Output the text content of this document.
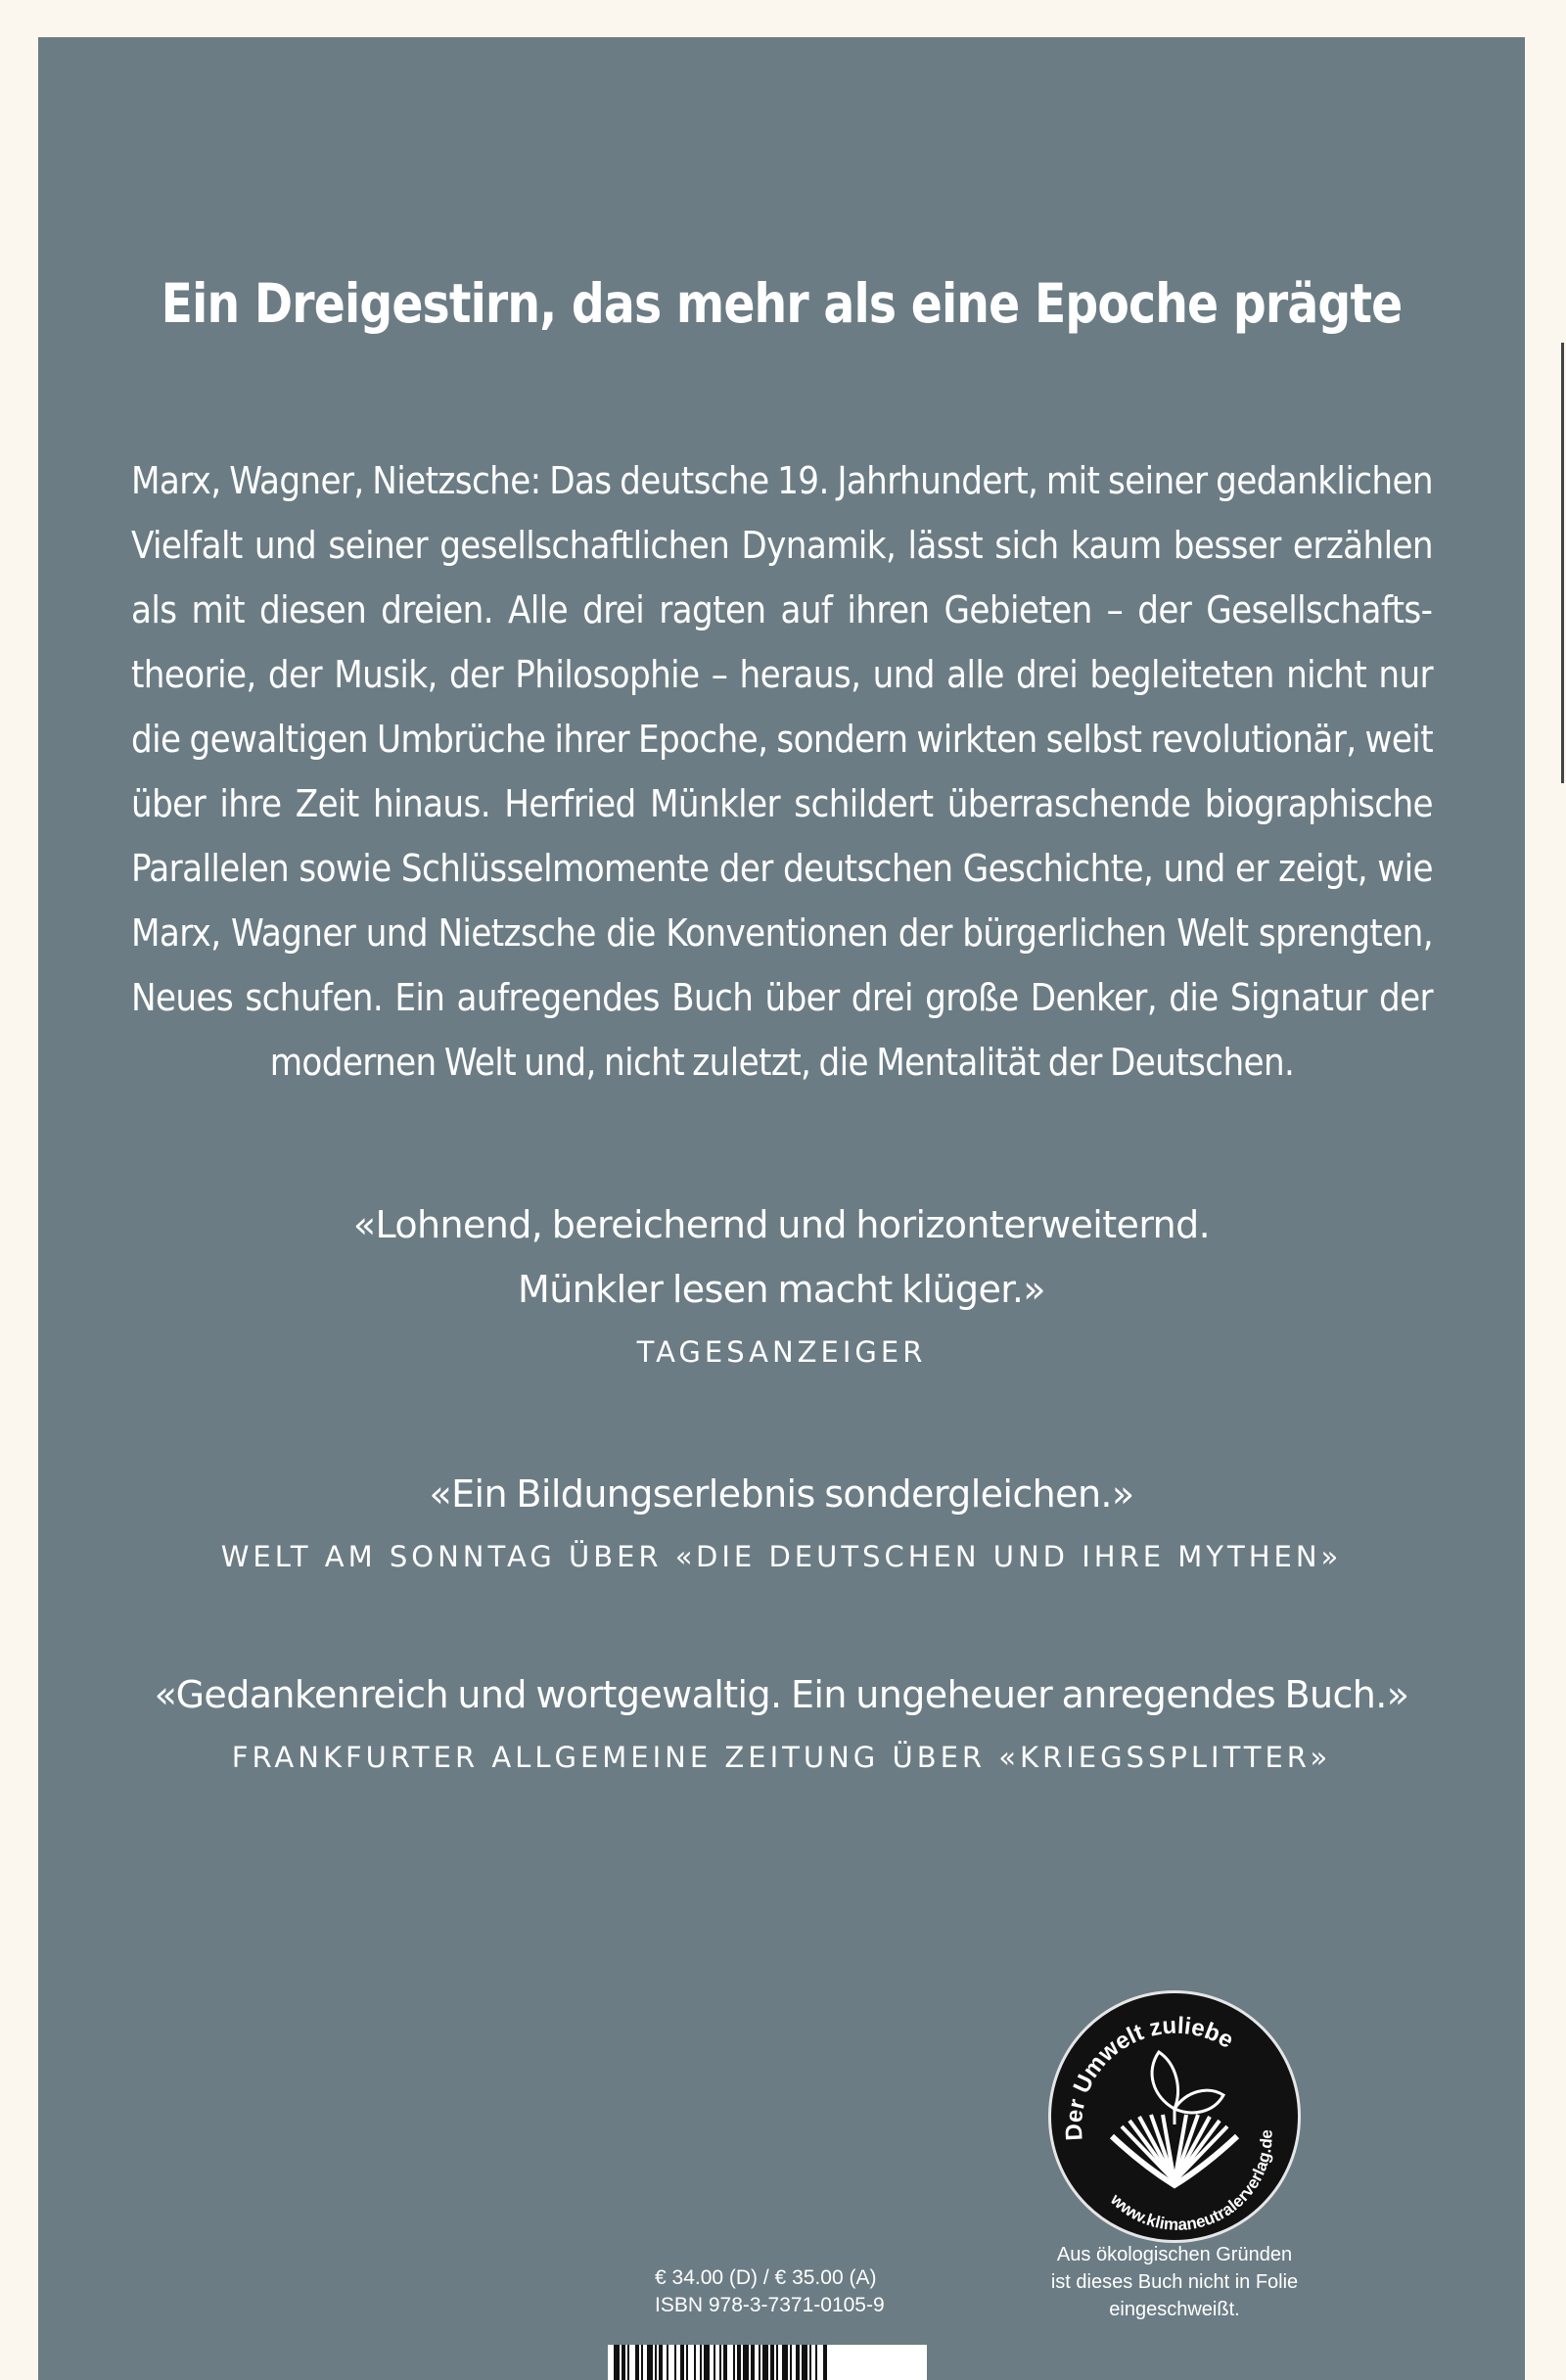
Ein Dreigestirn, das mehr als eine Epoche prägte

Marx, Wagner, Nietzsche: Das deutsche 19. Jahrhundert, mit seiner gedanklichen Vielfalt und seiner gesellschaftlichen Dynamik, lässt sich kaum besser erzählen als mit diesen dreien. Alle drei ragten auf ihren Gebieten – der Gesellschaftstheorie, der Musik, der Philosophie – heraus, und alle drei begleiteten nicht nur die gewaltigen Umbrüche ihrer Epoche, sondern wirkten selbst revolutionär, weit über ihre Zeit hinaus. Herfried Münkler schildert überraschende biographische Parallelen sowie Schlüsselmomente der deutschen Geschichte, und er zeigt, wie Marx, Wagner und Nietzsche die Konventionen der bürgerlichen Welt sprengten, Neues schufen. Ein aufregendes Buch über drei große Denker, die Signatur der modernen Welt und, nicht zuletzt, die Mentalität der Deutschen.

«Lohnend, bereichernd und horizonterweiternd.

Münkler lesen macht klüger.»

TAGESANZEIGER

«Ein Bildungserlebnis sondergleichen.»

WELT AM SONNTAG ÜBER «DIE DEUTSCHEN UND IHRE MYTHEN»

«Gedankenreich und wortgewaltig. Ein ungeheuer anregendes Buch.»

FRANKFURTER ALLGEMEINE ZEITUNG ÜBER «KRIEGSSPLITTER»

Der Umwelt zuliebe
www.klimaneutralerverlag.de
Aus ökologischen Gründen
ist dieses Buch nicht in Folie
eingeschweißt.
€ 34.00 (D) / € 35.00 (A)
ISBN 978-3-7371-0105-9
